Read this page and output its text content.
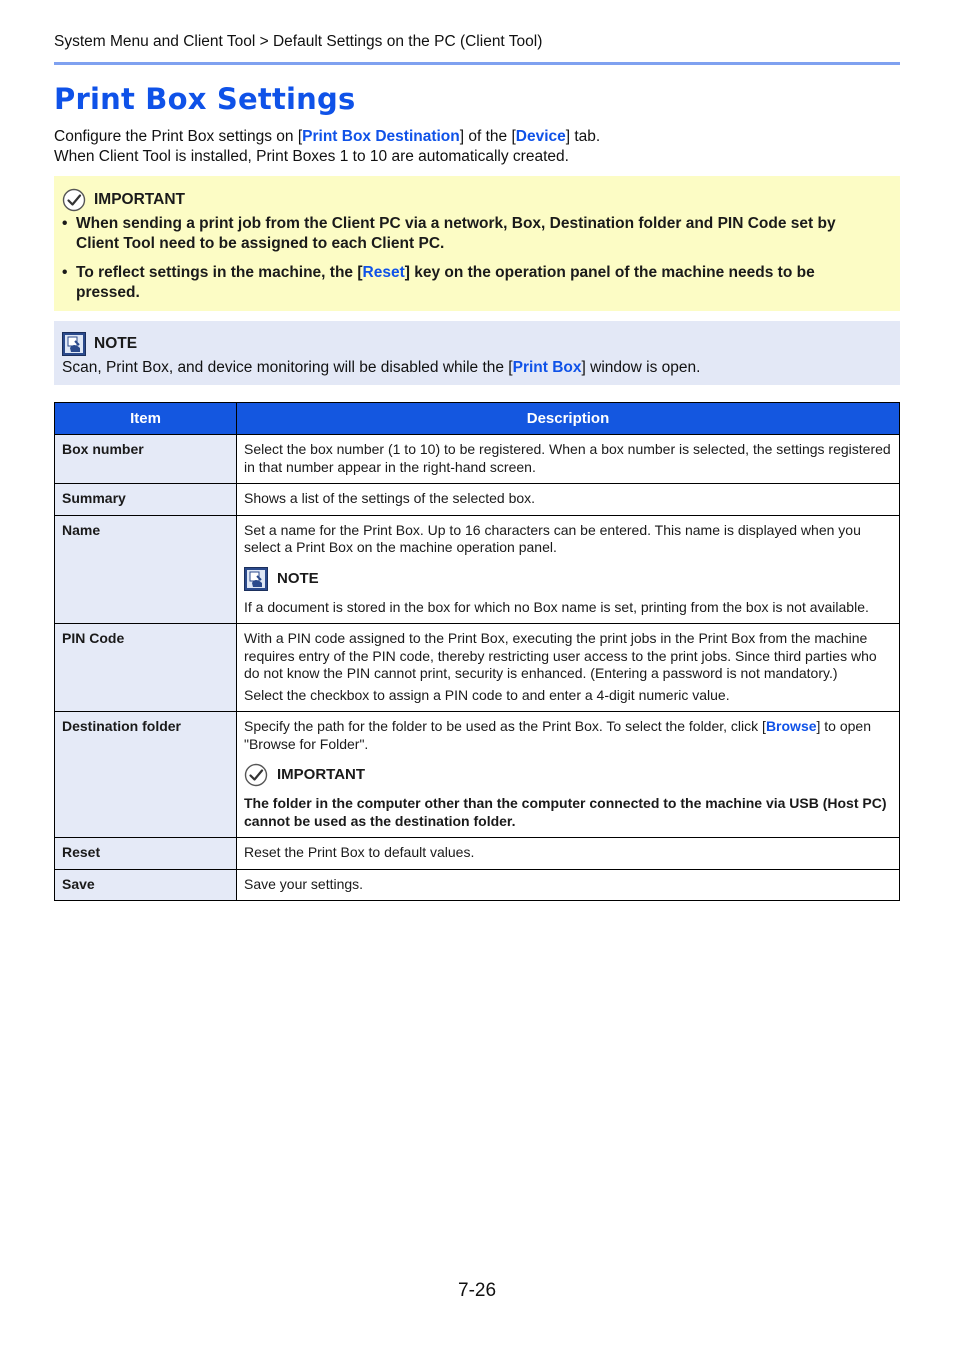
System Menu and Client Tool > Default Settings on the PC (Client Tool)
Print Box Settings
Configure the Print Box settings on [Print Box Destination] of the [Device] tab.
When Client Tool is installed, Print Boxes 1 to 10 are automatically created.
IMPORTANT
• When sending a print job from the Client PC via a network, Box, Destination folder and PIN Code set by Client Tool need to be assigned to each Client PC.
• To reflect settings in the machine, the [Reset] key on the operation panel of the machine needs to be pressed.
NOTE
Scan, Print Box, and device monitoring will be disabled while the [Print Box] window is open.
Item	Description
Box number	Select the box number (1 to 10) to be registered. When a box number is selected, the settings registered in that number appear in the right-hand screen.
Summary	Shows a list of the settings of the selected box.
Name	Set a name for the Print Box. Up to 16 characters can be entered. This name is displayed when you select a Print Box on the machine operation panel.
NOTE
If a document is stored in the box for which no Box name is set, printing from the box is not available.
PIN Code	With a PIN code assigned to the Print Box, executing the print jobs in the Print Box from the machine requires entry of the PIN code, thereby restricting user access to the print jobs. Since third parties who do not know the PIN cannot print, security is enhanced. (Entering a password is not mandatory.)
Select the checkbox to assign a PIN code to and enter a 4-digit numeric value.

Destination folder	Specify the path for the folder to be used as the Print Box. To select the folder, click [Browse] to open "Browse for Folder".
IMPORTANT
The folder in the computer other than the computer connected to the machine via USB (Host PC) cannot be used as the destination folder.
Reset	Reset the Print Box to default values.
Save	Save your settings.
7-26
